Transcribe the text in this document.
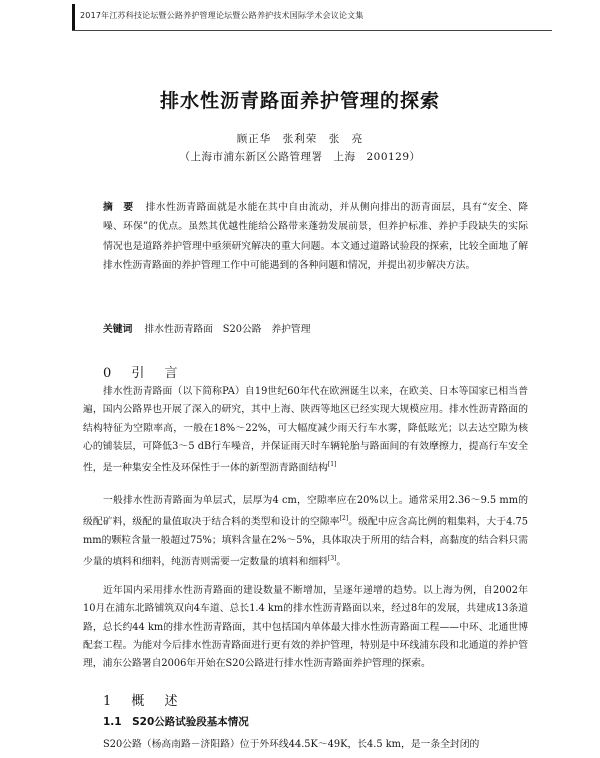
2017年江苏科技论坛暨公路养护管理论坛暨公路养护技术国际学术会议论文集
排水性沥青路面养护管理的探索
顾正华　张利荣　张　亮
（上海市浦东新区公路管理署　上海　200129）
摘　要 排水性沥青路面就是水能在其中自由流动，并从侧向排出的沥青面层，具有“安全、降噪、环保”的优点。虽然其优越性能给公路带来蓬勃发展前景，但养护标准、养护手段缺失的实际情况也是道路养护管理中亟须研究解决的重大问题。本文通过道路试验段的探索，比较全面地了解排水性沥青路面的养护管理工作中可能遇到的各种问题和情况，并提出初步解决方法。
关键词 排水性沥青路面　S20公路　养护管理
0 引 言
排水性沥青路面（以下简称PA）自19世纪60年代在欧洲诞生以来，在欧美、日本等国家已相当普遍，国内公路界也开展了深入的研究，其中上海、陕西等地区已经实现大规模应用。排水性沥青路面的结构特征为空隙率高，一般在18%～22%，可大幅度减少雨天行车水雾，降低眩光；以去达空隙为核心的铺装层，可降低3～5 dB行车噪音，并保证雨天时车辆轮胎与路面间的有效摩擦力，提高行车安全性，是一种集安全性及环保性于一体的新型沥青路面结构[1]
一般排水性沥青路面为单层式，层厚为4 cm，空隙率应在20%以上。通常采用2.36～9.5 mm的级配矿料，级配的量值取决于结合料的类型和设计的空隙率[2]。级配中应含高比例的粗集料，大于4.75 mm的颗粒含量一般超过75%；填料含量在2%～5%，具体取决于所用的结合料，高黏度的结合料只需少量的填料和细料，纯沥青则需要一定数量的填料和细料[3]。
近年国内采用排水性沥青路面的建设数量不断增加，呈逐年递增的趋势。以上海为例，自2002年10月在浦东北路铺筑双向4车道、总长1.4 km的排水性沥青路面以来，经过8年的发展，共建成13条道路，总长约44 km的排水性沥青路面，其中包括国内单体最大排水性沥青路面工程——中环、北通世博配套工程。为能对今后排水性沥青路面进行更有效的养护管理，特别是中环线浦东段和北通道的养护管理，浦东公路署自2006年开始在S20公路进行排水性沥青路面养护管理的探索。
1 概 述
1.1　S20公路试验段基本情况
S20公路（杨高南路－济阳路）位于外环线44.5K～49K，长4.5 km，是一条全封闭的
